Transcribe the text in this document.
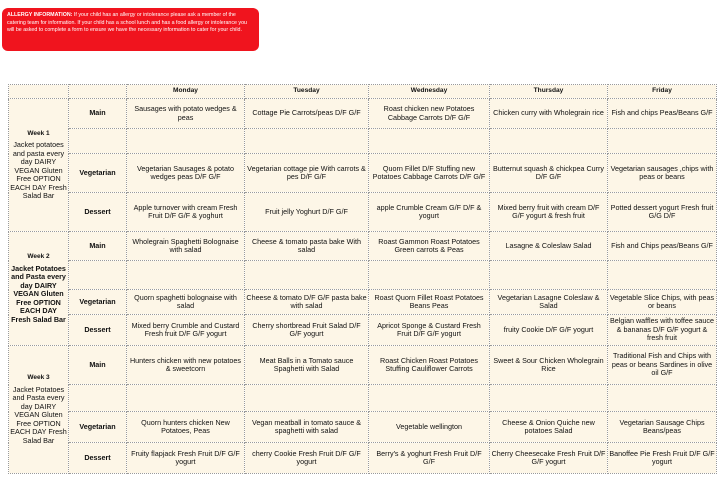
ALLERGY INFORMATION: If your child has an allergy or intolerance please ask a member of the catering team for information. If your child has a school lunch and has a food allergy or intolerance you will be asked to complete a form to ensure we have the necessary information to cater for your child.
		Monday	Tuesday	Wednesday	Thursday	Friday

Week 1
Jacket potatoes and pasta every day DAIRY VEGAN Gluten Free OPTION EACH DAY Fresh Salad Bar	Main	Sausages with potato wedges & peas	Cottage Pie Carrots/peas D/F G/F	Roast chicken new Potatoes Cabbage Carrots D/F G/F	Chicken curry with Wholegrain rice	Fish and chips Peas/Beans G/F

	Vegetarian	Vegetarian Sausages & potato wedges peas D/F G/F	Vegetarian cottage pie With carrots & pes D/F G/F	Quorn Fillet D/F Stuffing new Potatoes Cabbage Carrots D/F G/F	Butternut squash & chickpea Curry D/F G/F	Vegetarian sausages ,chips with peas or beans
	Dessert	Apple turnover with cream Fresh Fruit D/F G/F & yoghurt	Fruit jelly Yoghurt D/F G/F	apple Crumble Cream G/F D/F & yogurt	Mixed berry fruit with cream D/F G/F yogurt & fresh fruit	Potted dessert yogurt Fresh fruit G/G D/F

Week 2
Jacket Potatoes and Pasta every day DAIRY VEGAN Gluten Free OPTION EACH DAY Fresh Salad Bar	Main	Wholegrain Spaghetti Bolognaise with salad	Cheese & tomato pasta bake With salad	Roast Gammon Roast Potatoes Green carrots & Peas	Lasagne & Coleslaw Salad	Fish and Chips peas/Beans G/F

	Vegetarian	Quorn spaghetti bolognaise with salad	Cheese & tomato D/F G/F pasta bake with salad	Roast Quorn Fillet Roast Potatoes Beans Peas	Vegetarian Lasagne Coleslaw & Salad	Vegetable Slice Chips, with peas or beans
	Dessert	Mixed berry Crumble and Custard Fresh fruit D/F G/F yogurt	Cherry shortbread Fruit Salad D/F G/F yogurt	Apricot Sponge & Custard Fresh Fruit D/F G/F yogurt	fruity Cookie D/F G/F yogurt	Belgian waffles with toffee sauce & bananas D/F G/F yogurt & fresh fruit

Week 3
Jacket Potatoes and Pasta every day DAIRY VEGAN Gluten Free OPTION EACH DAY Fresh Salad Bar	Main	Hunters chicken with new potatoes & sweetcorn	Meat Balls in a Tomato sauce Spaghetti with Salad	Roast Chicken Roast Potatoes Stuffing Cauliflower Carrots	Sweet & Sour Chicken Wholegrain Rice	Traditional Fish and Chips with peas or beans Sardines in olive oil G/F

	Vegetarian	Quorn hunters chicken New Potatoes, Peas	Vegan meatball in tomato sauce & spaghetti with salad	Vegetable wellington	Cheese & Onion Quiche new potatoes Salad	Vegetarian Sausage Chips Beans/peas
	Dessert	Fruity flapjack Fresh Fruit D/F G/F yogurt	cherry Cookie Fresh Fruit D/F G/F yogurt	Berry's & yoghurt Fresh Fruit D/F G/F	Cherry Cheesecake Fresh Fruit D/F G/F yogurt	Banoffee Pie Fresh Fruit D/F G/F yogurt
